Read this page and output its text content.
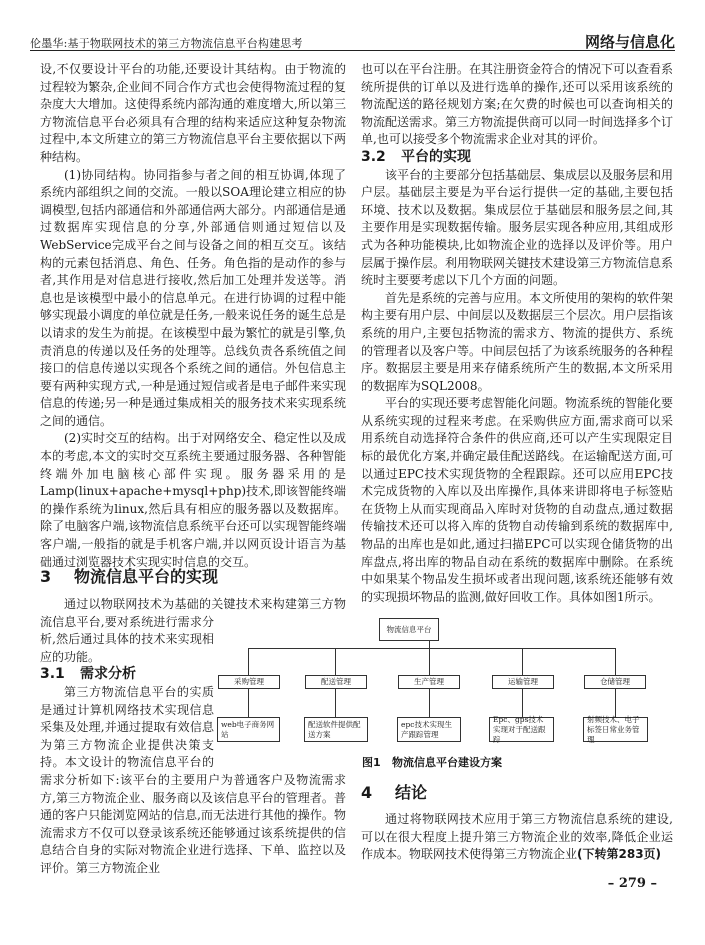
伦墨华:基于物联网技术的第三方物流信息平台构建思考	网络与信息化

设,不仅要设计平台的功能,还要设计其结构。由于物流的过程较为繁杂,企业间不同合作方式也会使得物流过程的复杂度大大增加。这使得系统内部沟通的难度增大,所以第三方物流信息平台必须具有合理的结构来适应这种复杂物流过程中,本文所建立的第三方物流信息平台主要依据以下两种结构。

(1)协同结构。协同指参与者之间的相互协调,体现了系统内部组织之间的交流。一般以SOA理论建立相应的协调模型,包括内部通信和外部通信两大部分。内部通信是通过数据库实现信息的分享,外部通信则通过短信以及WebService完成平台之间与设备之间的相互交互。该结构的元素包括消息、角色、任务。角色指的是动作的参与者,其作用是对信息进行接收,然后加工处理并发送等。消息也是该模型中最小的信息单元。在进行协调的过程中能够实现最小调度的单位就是任务,一般来说任务的诞生总是以请求的发生为前提。在该模型中最为繁忙的就是引擎,负责消息的传递以及任务的处理等。总线负责各系统值之间接口的信息传递以实现各个系统之间的通信。外包信息主要有两种实现方式,一种是通过短信或者是电子邮件来实现信息的传递;另一种是通过集成相关的服务技术来实现系统之间的通信。

(2)实时交互的结构。出于对网络安全、稳定性以及成本的考虑,本文的实时交互系统主要通过服务器、各种智能终端外加电脑核心部件实现。服务器采用的是Lamp(linux+apache+mysql+php)技术,即该智能终端的操作系统为linux,然后具有相应的服务器以及数据库。除了电脑客户端,该物流信息系统平台还可以实现智能终端客户端,一般指的就是手机客户端,并以网页设计语言为基础通过浏览器技术实现实时信息的交互。

3 物流信息平台的实现

通过以物联网技术为基础的关键技术来构建第三方物流信息平台,要对系统进行需求分析,然后通过具体的技术来实现相应的功能。

3.1 需求分析

第三方物流信息平台的实质是通过计算机网络技术实现信息采集及处理,并通过提取有效信息为第三方物流企业提供决策支持。本文设计的物流信息平台的需求分析如下:该平台的主要用户为普通客户及物流需求方,第三方物流企业、服务商以及该信息平台的管理者。普通的客户只能浏览网站的信息,而无法进行其他的操作。物流需求方不仅可以登录该系统还能够通过该系统提供的信息结合自身的实际对物流企业进行选择、下单、监控以及评价。第三方物流企业

也可以在平台注册。在其注册资金符合的情况下可以查看系统所提供的订单以及进行选单的操作,还可以采用该系统的物流配送的路径规划方案;在欠费的时候也可以查询相关的物流配送需求。第三方物流提供商可以同一时间选择多个订单,也可以接受多个物流需求企业对其的评价。

3.2 平台的实现

该平台的主要部分包括基础层、集成层以及服务层和用户层。基础层主要是为平台运行提供一定的基础,主要包括环境、技术以及数据。集成层位于基础层和服务层之间,其主要作用是实现数据传输。服务层实现各种应用,其组成形式为各种功能模块,比如物流企业的选择以及评价等。用户层属于操作层。利用物联网关键技术建设第三方物流信息系统时主要要考虑以下几个方面的问题。

首先是系统的完善与应用。本文所使用的架构的软件架构主要有用户层、中间层以及数据层三个层次。用户层指该系统的用户,主要包括物流的需求方、物流的提供方、系统的管理者以及客户等。中间层包括了为该系统服务的各种程序。数据层主要是用来存储系统所产生的数据,本文所采用的数据库为SQL2008。

平台的实现还要考虑智能化问题。物流系统的智能化要从系统实现的过程来考虑。在采购供应方面,需求商可以采用系统自动选择符合条件的供应商,还可以产生实现限定目标的最优化方案,并确定最佳配送路线。在运输配送方面,可以通过EPC技术实现货物的全程跟踪。还可以应用EPC技术完成货物的入库以及出库操作,具体来讲即将电子标签贴在货物上从而实现商品入库时对货物的自动盘点,通过数据传输技术还可以将入库的货物自动传输到系统的数据库中,物品的出库也是如此,通过扫描EPC可以实现仓储货物的出库盘点,将出库的物品自动在系统的数据库中删除。在系统中如果某个物品发生损坏或者出现问题,该系统还能够有效的实现损坏物品的监测,做好回收工作。具体如图1所示。

物流信息平台
采购管理	配送管理	生产管理	运输管理	仓储管理
web电子商务网站
配送软件提供配送方案
epc技术实现生产跟踪管理
Epc、gps技术实现对于配送跟踪
射频技术、电子标签日常业务管理
图1 物流信息平台建设方案
4 结论

通过将物联网技术应用于第三方物流信息系统的建设,可以在很大程度上提升第三方物流企业的效率,降低企业运作成本。物联网技术使得第三方物流企业(下转第283页)

– 279 –
